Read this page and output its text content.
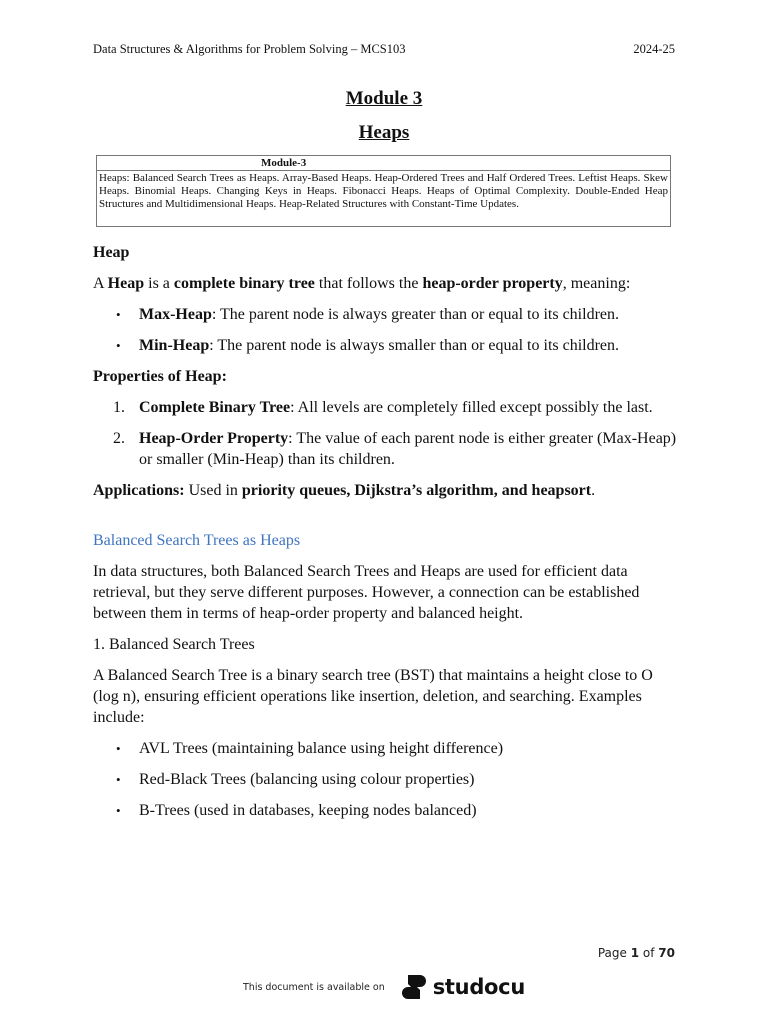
Data Structures & Algorithms for Problem Solving – MCS103	2024-25
Module 3
Heaps
Module-3
Heaps: Balanced Search Trees as Heaps. Array-Based Heaps. Heap-Ordered Trees and Half Ordered Trees. Leftist Heaps. Skew Heaps. Binomial Heaps. Changing Keys in Heaps. Fibonacci Heaps. Heaps of Optimal Complexity. Double-Ended Heap Structures and Multidimensional Heaps. Heap-Related Structures with Constant-Time Updates.

Heap

A Heap is a complete binary tree that follows the heap-order property, meaning:

• Max-Heap: The parent node is always greater than or equal to its children.
• Min-Heap: The parent node is always smaller than or equal to its children.

Properties of Heap:

1. Complete Binary Tree: All levels are completely filled except possibly the last.
2. Heap-Order Property: The value of each parent node is either greater (Max-Heap) or smaller (Min-Heap) than its children.

Applications: Used in priority queues, Dijkstra’s algorithm, and heapsort.

Balanced Search Trees as Heaps

In data structures, both Balanced Search Trees and Heaps are used for efficient data retrieval, but they serve different purposes. However, a connection can be established between them in terms of heap-order property and balanced height.

1. Balanced Search Trees

A Balanced Search Tree is a binary search tree (BST) that maintains a height close to O (log n), ensuring efficient operations like insertion, deletion, and searching. Examples include:

• AVL Trees (maintaining balance using height difference)
• Red-Black Trees (balancing using colour properties)
• B-Trees (used in databases, keeping nodes balanced)
Page 1 of 70
This document is available on studocu
